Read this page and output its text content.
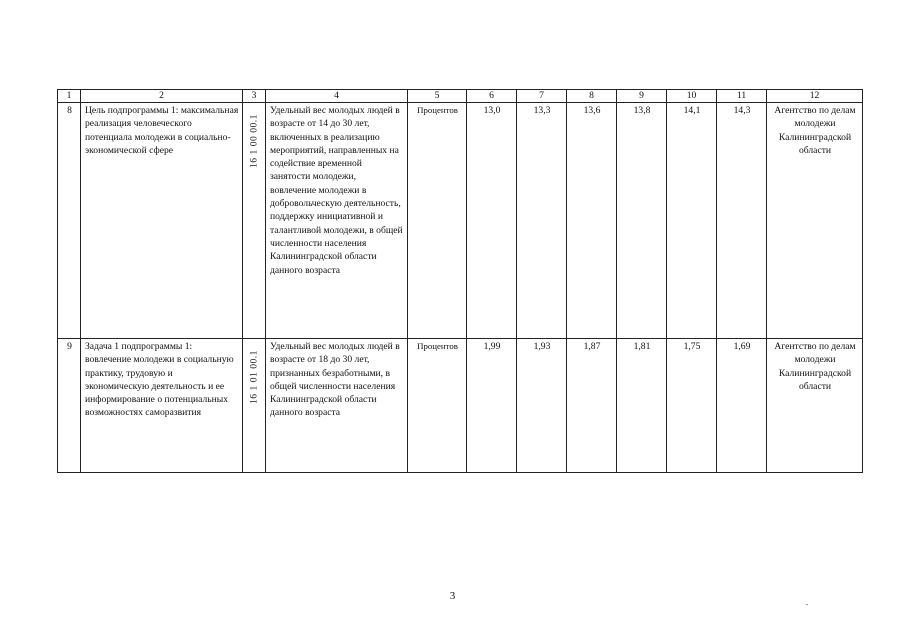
1	2	3	4	5	6	7	8	9	10	11	12
8	Цель подпрограммы 1: максимальная реализация человеческого потенциала молодежи в социально-экономической сфере	16 1 00 00.1	Удельный вес молодых людей в возрасте от 14 до 30 лет, включенных в реализацию мероприятий, направленных на содействие временной занятости молодежи, вовлечение молодежи в добровольческую деятельность, поддержку инициативной и талантливой молодежи, в общей численности населения Калининградской области данного возраста	Процентов	13,0	13,3	13,6	13,8	14,1	14,3	Агентство по делам молодежи Калининградской области
9	Задача 1 подпрограммы 1: вовлечение молодежи в социальную практику, трудовую и экономическую деятельность и ее информирование о потенциальных возможностях саморазвития	16 1 01 00.1	Удельный вес молодых людей в возрасте от 18 до 30 лет, признанных безработными, в общей численности населения Калининградской области данного возраста	Процентов	1,99	1,93	1,87	1,81	1,75	1,69	Агентство по делам молодежи Калининградской области
3
